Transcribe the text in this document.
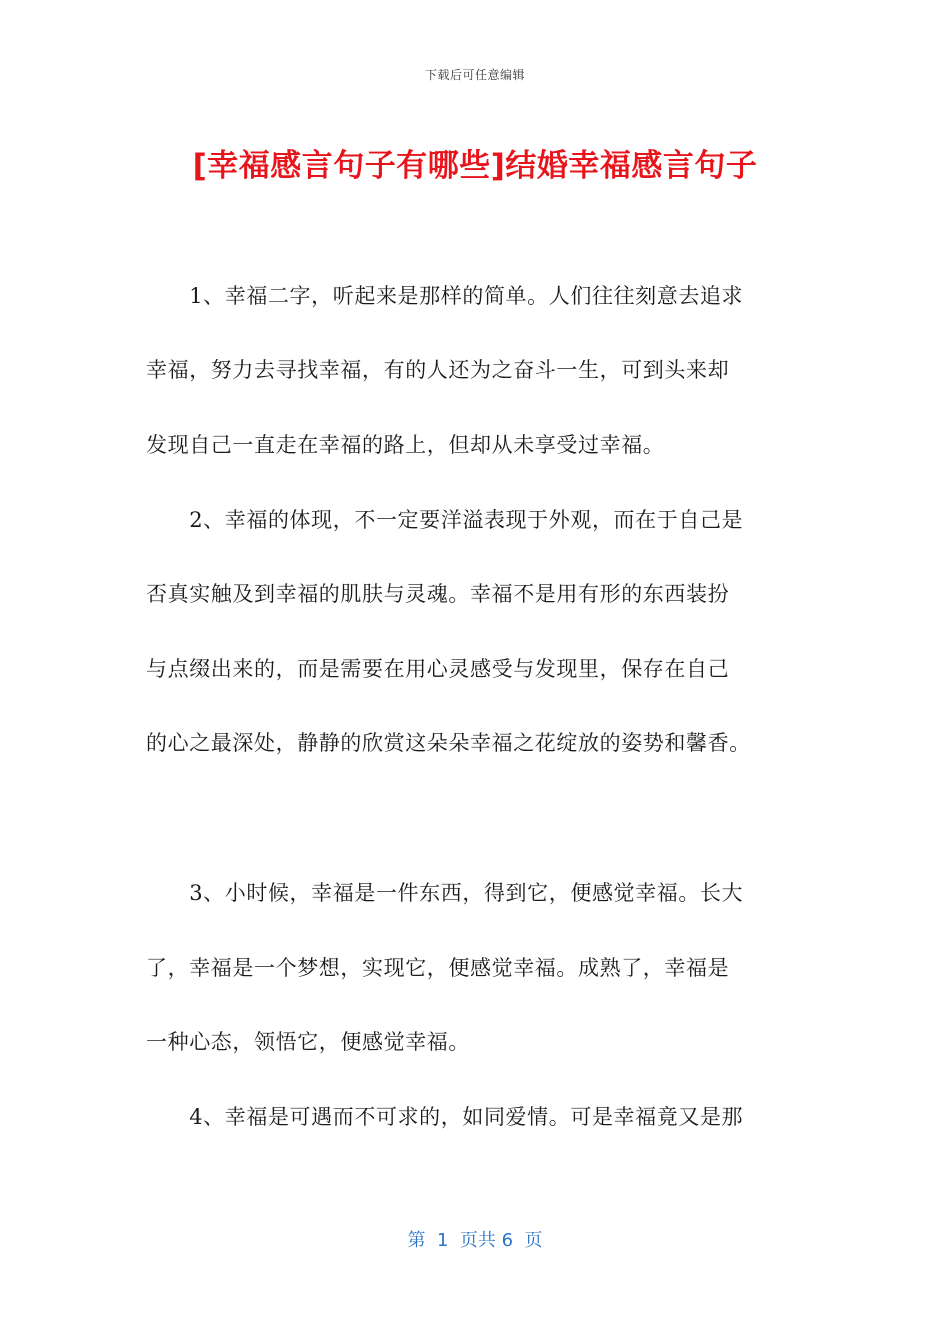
下载后可任意编辑
[幸福感言句子有哪些]结婚幸福感言句子
　　1、幸福二字，听起来是那样的简单。人们往往刻意去追求
幸福，努力去寻找幸福，有的人还为之奋斗一生，可到头来却
发现自己一直走在幸福的路上，但却从未享受过幸福。
　　2、幸福的体现，不一定要洋溢表现于外观，而在于自己是
否真实触及到幸福的肌肤与灵魂。幸福不是用有形的东西装扮
与点缀出来的，而是需要在用心灵感受与发现里，保存在自己
的心之最深处，静静的欣赏这朵朵幸福之花绽放的姿势和馨香。
　　3、小时候，幸福是一件东西，得到它，便感觉幸福。长大
了，幸福是一个梦想，实现它，便感觉幸福。成熟了，幸福是
一种心态，领悟它，便感觉幸福。
　　4、幸福是可遇而不可求的，如同爱情。可是幸福竟又是那
第  1  页共 6  页
